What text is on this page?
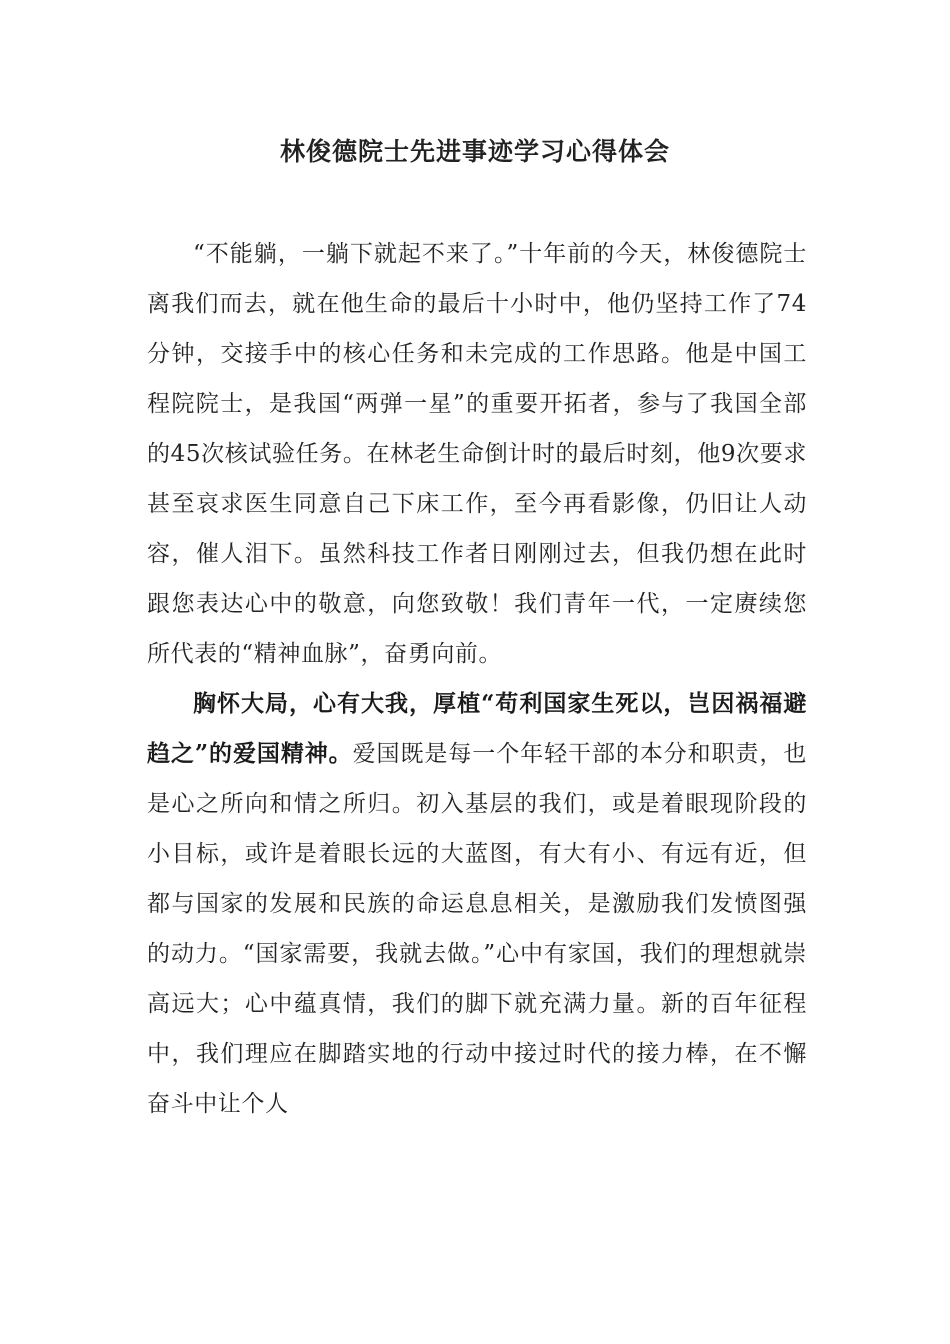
林俊德院士先进事迹学习心得体会

“不能躺，一躺下就起不来了。”十年前的今天，林俊德院士离我们而去，就在他生命的最后十小时中，他仍坚持工作了74分钟，交接手中的核心任务和未完成的工作思路。他是中国工程院院士，是我国“两弹一星”的重要开拓者，参与了我国全部的45次核试验任务。在林老生命倒计时的最后时刻，他9次要求甚至哀求医生同意自己下床工作，至今再看影像，仍旧让人动容，催人泪下。虽然科技工作者日刚刚过去，但我仍想在此时跟您表达心中的敬意，向您致敬！我们青年一代，一定赓续您所代表的“精神血脉”，奋勇向前。

胸怀大局，心有大我，厚植“苟利国家生死以，岂因祸福避趋之”的爱国精神。爱国既是每一个年轻干部的本分和职责，也是心之所向和情之所归。初入基层的我们，或是着眼现阶段的小目标，或许是着眼长远的大蓝图，有大有小、有远有近，但都与国家的发展和民族的命运息息相关，是激励我们发愤图强的动力。“国家需要，我就去做。”心中有家国，我们的理想就崇高远大；心中蕴真情，我们的脚下就充满力量。新的百年征程中，我们理应在脚踏实地的行动中接过时代的接力棒，在不懈奋斗中让个人
